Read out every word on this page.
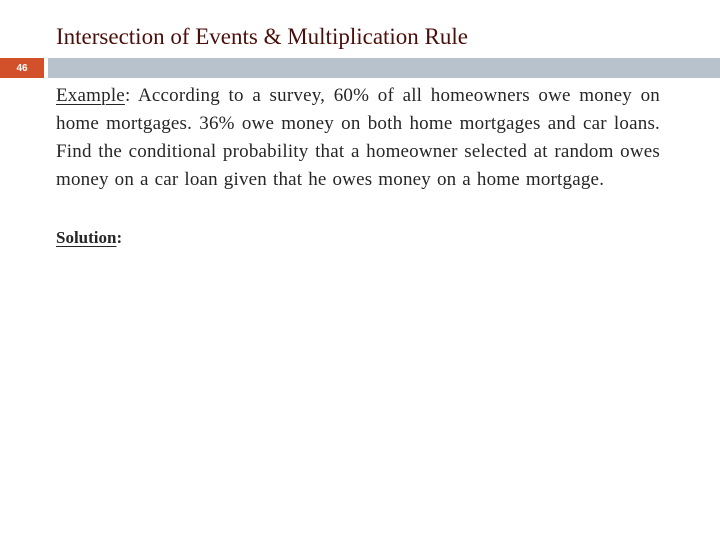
Intersection of Events & Multiplication Rule
46
Example: According to a survey, 60% of all homeowners owe money on home mortgages. 36% owe money on both home mortgages and car loans. Find the conditional probability that a homeowner selected at random owes money on a car loan given that he owes money on a home mortgage.
Solution:
